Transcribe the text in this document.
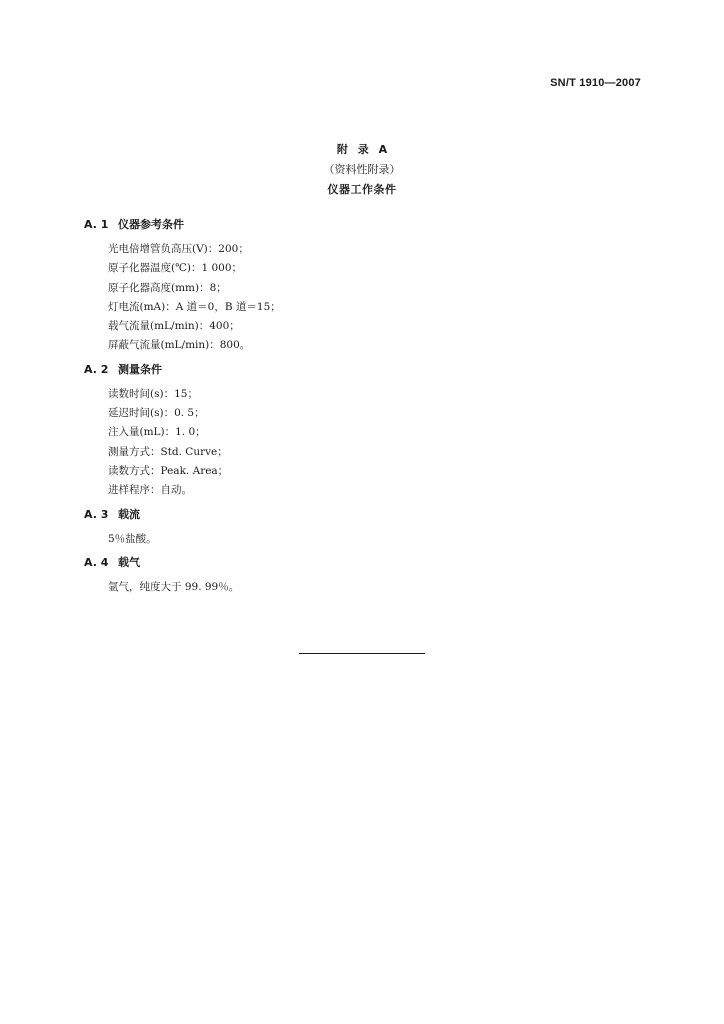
SN/T 1910—2007
附 录 A
（资料性附录）
仪器工作条件
A. 1 仪器参考条件
光电倍增管负高压(V)：200；
原子化器温度(℃)：1 000；
原子化器高度(mm)：8；
灯电流(mA)：A 道＝0，B 道＝15；
载气流量(mL/min)：400；
屏蔽气流量(mL/min)：800。
A. 2 测量条件
读数时间(s)：15；
延迟时间(s)：0. 5；
注入量(mL)：1. 0；
测量方式：Std. Curve；
读数方式：Peak. Area；
进样程序：自动。
A. 3 载流
5％盐酸。
A. 4 载气
氩气，纯度大于 99. 99％。
